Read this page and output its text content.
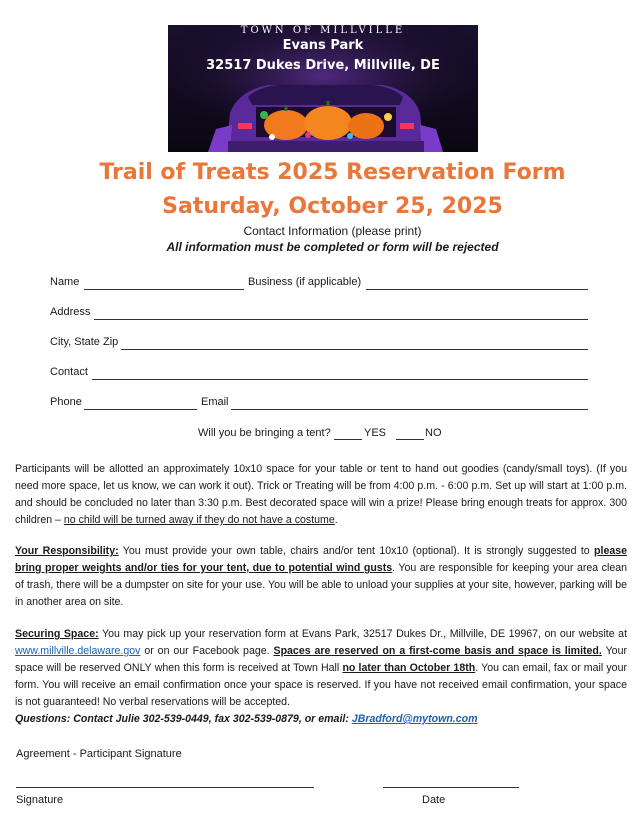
TOWN OF MILLVILLE
Evans Park
32517 Dukes Drive, Millville, DE
Trail of Treats 2025 Reservation Form
Saturday, October 25, 2025
Contact Information (please print)
All information must be completed or form will be rejected
Name	Business (if applicable)
Address
City, State Zip
Contact
Phone	Email
Will you be bringing a tent?	YES	NO

Participants will be allotted an approximately 10x10 space for your table or tent to hand out goodies (candy/small toys). (If you need more space, let us know, we can work it out). Trick or Treating will be from 4:00 p.m. - 6:00 p.m. Set up will start at 1:00 p.m. and should be concluded no later than 3:30 p.m. Best decorated space will win a prize! Please bring enough treats for approx. 300 children – no child will be turned away if they do not have a costume.

Your Responsibility: You must provide your own table, chairs and/or tent 10x10 (optional). It is strongly suggested to please bring proper weights and/or ties for your tent, due to potential wind gusts. You are responsible for keeping your area clean of trash, there will be a dumpster on site for your use. You will be able to unload your supplies at your site, however, parking will be in another area on site.

Securing Space: You may pick up your reservation form at Evans Park, 32517 Dukes Dr., Millville, DE 19967, on our website at www.millville.delaware.gov or on our Facebook page. Spaces are reserved on a first-come basis and space is limited. Your space will be reserved ONLY when this form is received at Town Hall no later than October 18th. You can email, fax or mail your form. You will receive an email confirmation once your space is reserved. If you have not received email confirmation, your space is not guaranteed! No verbal reservations will be accepted.
Questions: Contact Julie 302-539-0449, fax 302-539-0879, or email: JBradford@mytown.com

Agreement - Participant Signature
Signature	Date
